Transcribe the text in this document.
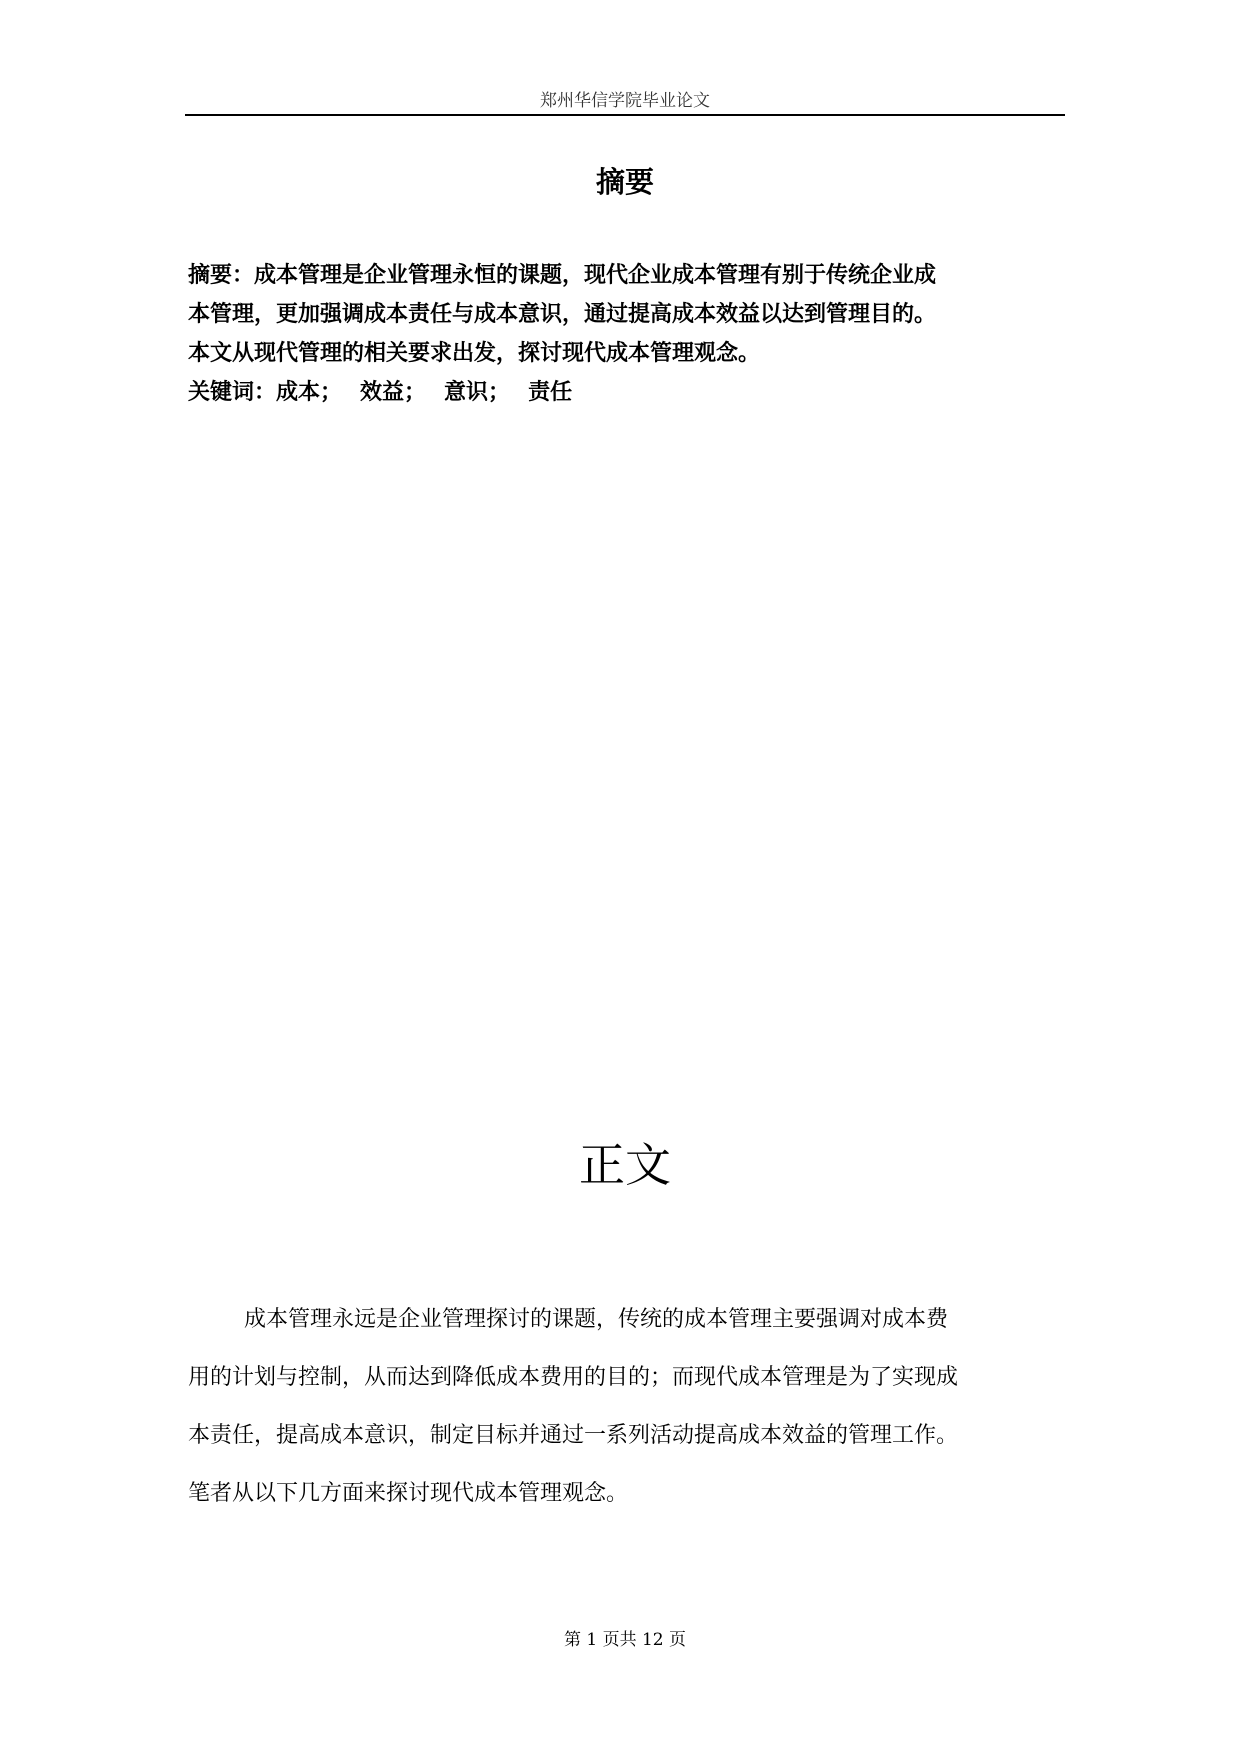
郑州华信学院毕业论文
摘要
摘要：成本管理是企业管理永恒的课题，现代企业成本管理有别于传统企业成
本管理，更加强调成本责任与成本意识，通过提高成本效益以达到管理目的。
本文从现代管理的相关要求出发，探讨现代成本管理观念。
关键词：成本； 效益； 意识； 责任
正文
成本管理永远是企业管理探讨的课题，传统的成本管理主要强调对成本费
用的计划与控制，从而达到降低成本费用的目的；而现代成本管理是为了实现成
本责任，提高成本意识，制定目标并通过一系列活动提高成本效益的管理工作。
笔者从以下几方面来探讨现代成本管理观念。
第 1 页共 12 页
